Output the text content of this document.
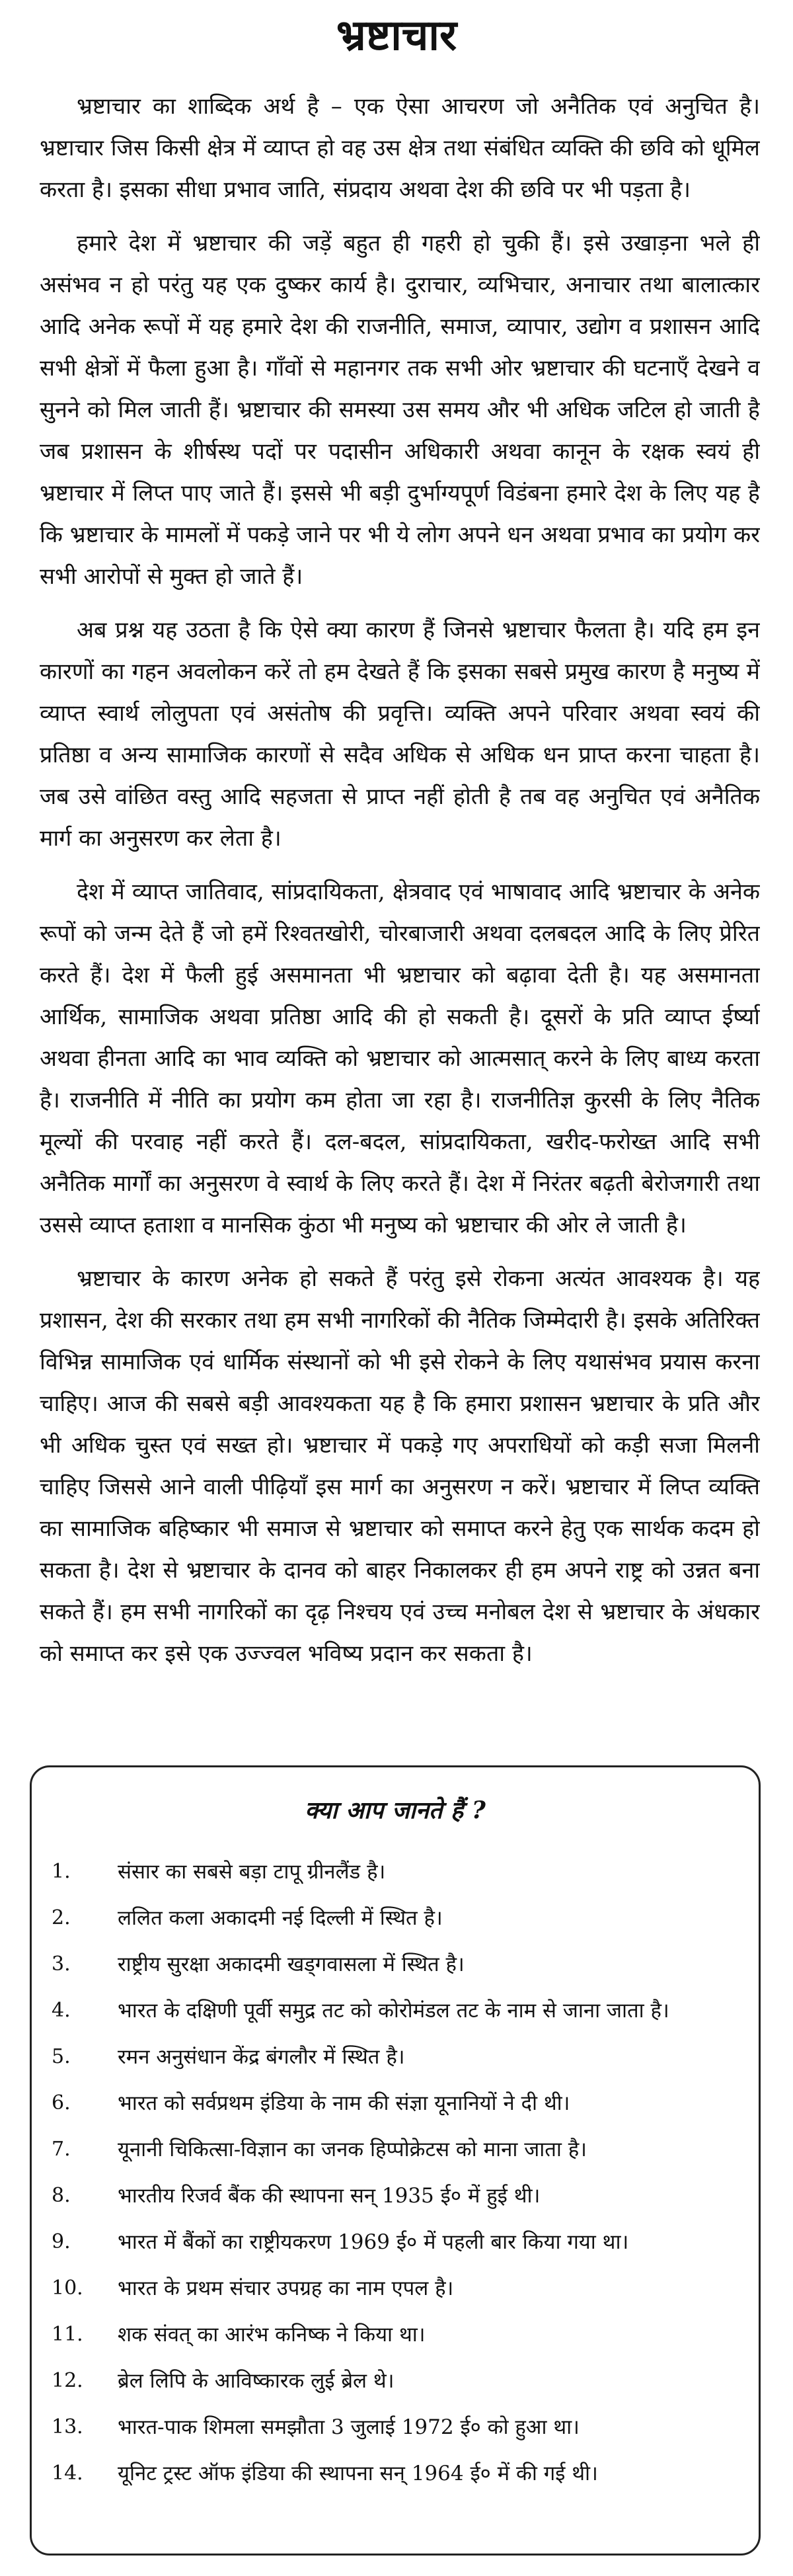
भ्रष्टाचार

भ्रष्टाचार का शाब्दिक अर्थ है – एक ऐसा आचरण जो अनैतिक एवं अनुचित है। भ्रष्टाचार जिस किसी क्षेत्र में व्याप्त हो वह उस क्षेत्र तथा संबंधित व्यक्ति की छवि को धूमिल करता है। इसका सीधा प्रभाव जाति, संप्रदाय अथवा देश की छवि पर भी पड़ता है।

हमारे देश में भ्रष्टाचार की जड़ें बहुत ही गहरी हो चुकी हैं। इसे उखाड़ना भले ही असंभव न हो परंतु यह एक दुष्कर कार्य है। दुराचार, व्यभिचार, अनाचार तथा बालात्कार आदि अनेक रूपों में यह हमारे देश की राजनीति, समाज, व्यापार, उद्योग व प्रशासन आदि सभी क्षेत्रों में फैला हुआ है। गाँवों से महानगर तक सभी ओर भ्रष्टाचार की घटनाएँ देखने व सुनने को मिल जाती हैं। भ्रष्टाचार की समस्या उस समय और भी अधिक जटिल हो जाती है जब प्रशासन के शीर्षस्थ पदों पर पदासीन अधिकारी अथवा कानून के रक्षक स्वयं ही भ्रष्टाचार में लिप्त पाए जाते हैं। इससे भी बड़ी दुर्भाग्यपूर्ण विडंबना हमारे देश के लिए यह है कि भ्रष्टाचार के मामलों में पकड़े जाने पर भी ये लोग अपने धन अथवा प्रभाव का प्रयोग कर सभी आरोपों से मुक्त हो जाते हैं।

अब प्रश्न यह उठता है कि ऐसे क्या कारण हैं जिनसे भ्रष्टाचार फैलता है। यदि हम इन कारणों का गहन अवलोकन करें तो हम देखते हैं कि इसका सबसे प्रमुख कारण है मनुष्य में व्याप्त स्वार्थ लोलुपता एवं असंतोष की प्रवृत्ति। व्यक्ति अपने परिवार अथवा स्वयं की प्रतिष्ठा व अन्य सामाजिक कारणों से सदैव अधिक से अधिक धन प्राप्त करना चाहता है। जब उसे वांछित वस्तु आदि सहजता से प्राप्त नहीं होती है तब वह अनुचित एवं अनैतिक मार्ग का अनुसरण कर लेता है।

देश में व्याप्त जातिवाद, सांप्रदायिकता, क्षेत्रवाद एवं भाषावाद आदि भ्रष्टाचार के अनेक रूपों को जन्म देते हैं जो हमें रिश्वतखोरी, चोरबाजारी अथवा दलबदल आदि के लिए प्रेरित करते हैं। देश में फैली हुई असमानता भी भ्रष्टाचार को बढ़ावा देती है। यह असमानता आर्थिक, सामाजिक अथवा प्रतिष्ठा आदि की हो सकती है। दूसरों के प्रति व्याप्त ईर्ष्या अथवा हीनता आदि का भाव व्यक्ति को भ्रष्टाचार को आत्मसात् करने के लिए बाध्य करता है। राजनीति में नीति का प्रयोग कम होता जा रहा है। राजनीतिज्ञ कुरसी के लिए नैतिक मूल्यों की परवाह नहीं करते हैं। दल-बदल, सांप्रदायिकता, खरीद-फरोख्त आदि सभी अनैतिक मार्गों का अनुसरण वे स्वार्थ के लिए करते हैं। देश में निरंतर बढ़ती बेरोजगारी तथा उससे व्याप्त हताशा व मानसिक कुंठा भी मनुष्य को भ्रष्टाचार की ओर ले जाती है।

भ्रष्टाचार के कारण अनेक हो सकते हैं परंतु इसे रोकना अत्यंत आवश्यक है। यह प्रशासन, देश की सरकार तथा हम सभी नागरिकों की नैतिक जिम्मेदारी है। इसके अतिरिक्त विभिन्न सामाजिक एवं धार्मिक संस्थानों को भी इसे रोकने के लिए यथासंभव प्रयास करना चाहिए। आज की सबसे बड़ी आवश्यकता यह है कि हमारा प्रशासन भ्रष्टाचार के प्रति और भी अधिक चुस्त एवं सख्त हो। भ्रष्टाचार में पकड़े गए अपराधियों को कड़ी सजा मिलनी चाहिए जिससे आने वाली पीढ़ियाँ इस मार्ग का अनुसरण न करें। भ्रष्टाचार में लिप्त व्यक्ति का सामाजिक बहिष्कार भी समाज से भ्रष्टाचार को समाप्त करने हेतु एक सार्थक कदम हो सकता है। देश से भ्रष्टाचार के दानव को बाहर निकालकर ही हम अपने राष्ट्र को उन्नत बना सकते हैं। हम सभी नागरिकों का दृढ़ निश्चय एवं उच्च मनोबल देश से भ्रष्टाचार के अंधकार को समाप्त कर इसे एक उज्ज्वल भविष्य प्रदान कर सकता है।

क्या आप जानते हैं ?
1.	संसार का सबसे बड़ा टापू ग्रीनलैंड है।
2.	ललित कला अकादमी नई दिल्ली में स्थित है।
3.	राष्ट्रीय सुरक्षा अकादमी खड्गवासला में स्थित है।
4.	भारत के दक्षिणी पूर्वी समुद्र तट को कोरोमंडल तट के नाम से जाना जाता है।
5.	रमन अनुसंधान केंद्र बंगलौर में स्थित है।
6.	भारत को सर्वप्रथम इंडिया के नाम की संज्ञा यूनानियों ने दी थी।
7.	यूनानी चिकित्सा-विज्ञान का जनक हिप्पोक्रेटस को माना जाता है।
8.	भारतीय रिजर्व बैंक की स्थापना सन् 1935 ई० में हुई थी।
9.	भारत में बैंकों का राष्ट्रीयकरण 1969 ई० में पहली बार किया गया था।
10.	भारत के प्रथम संचार उपग्रह का नाम एपल है।
11.	शक संवत् का आरंभ कनिष्क ने किया था।
12.	ब्रेल लिपि के आविष्कारक लुई ब्रेल थे।
13.	भारत-पाक शिमला समझौता 3 जुलाई 1972 ई० को हुआ था।
14.	यूनिट ट्रस्ट ऑफ इंडिया की स्थापना सन् 1964 ई० में की गई थी।
